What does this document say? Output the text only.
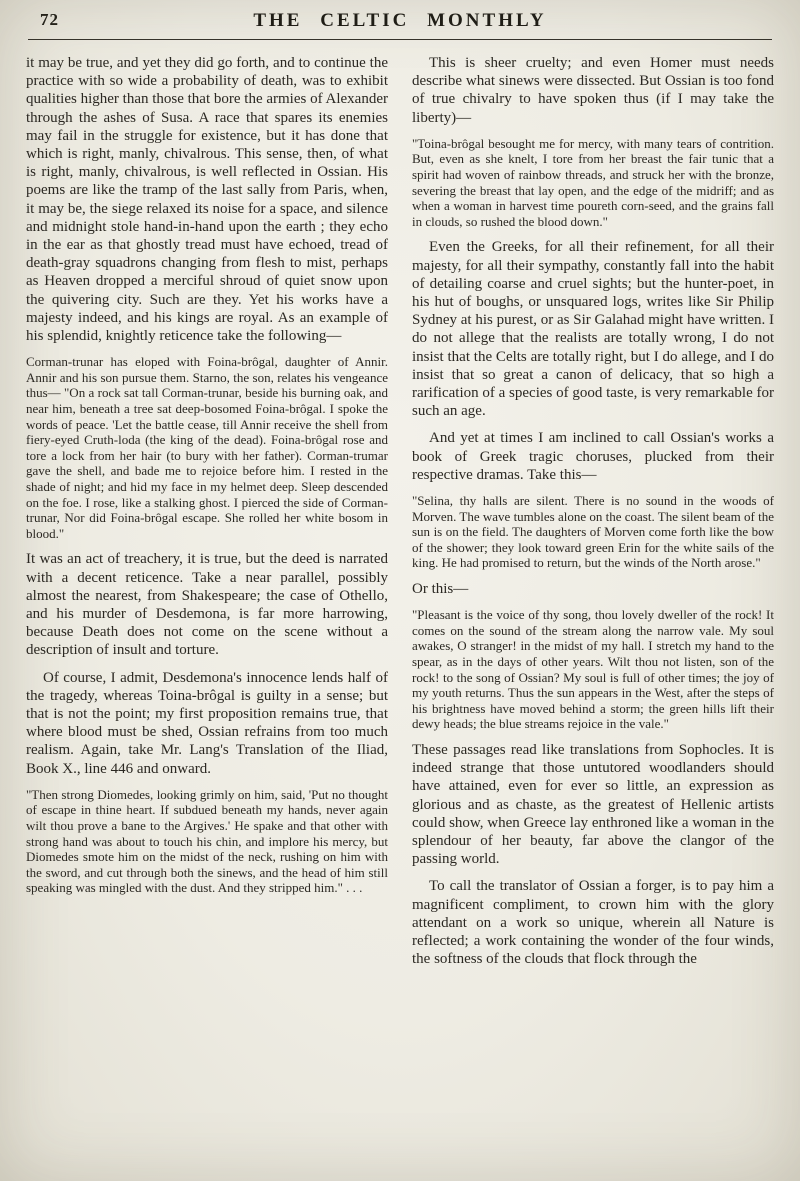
72	THE CELTIC MONTHLY

it may be true, and yet they did go forth, and to continue the practice with so wide a probability of death, was to exhibit qualities higher than those that bore the armies of Alexander through the ashes of Susa. A race that spares its enemies may fail in the struggle for existence, but it has done that which is right, manly, chivalrous. This sense, then, of what is right, manly, chivalrous, is well reflected in Ossian. His poems are like the tramp of the last sally from Paris, when, it may be, the siege relaxed its noise for a space, and silence and midnight stole hand-in-hand upon the earth ; they echo in the ear as that ghostly tread must have echoed, tread of death-gray squadrons changing from flesh to mist, perhaps as Heaven dropped a merciful shroud of quiet snow upon the quivering city. Such are they. Yet his works have a majesty indeed, and his kings are royal. As an example of his splendid, knightly reticence take the following—

Corman-trunar has eloped with Foina-brôgal, daughter of Annir. Annir and his son pursue them. Starno, the son, relates his vengeance thus— "On a rock sat tall Corman-trunar, beside his burning oak, and near him, beneath a tree sat deep-bosomed Foina-brôgal. I spoke the words of peace. 'Let the battle cease, till Annir receive the shell from fiery-eyed Cruth-loda (the king of the dead). Foina-brôgal rose and tore a lock from her hair (to bury with her father). Corman-trumar gave the shell, and bade me to rejoice before him. I rested in the shade of night; and hid my face in my helmet deep. Sleep descended on the foe. I rose, like a stalking ghost. I pierced the side of Corman-trunar, Nor did Foina-brôgal escape. She rolled her white bosom in blood."

It was an act of treachery, it is true, but the deed is narrated with a decent reticence. Take a near parallel, possibly almost the nearest, from Shakespeare; the case of Othello, and his murder of Desdemona, is far more harrowing, because Death does not come on the scene without a description of insult and torture.

Of course, I admit, Desdemona's innocence lends half of the tragedy, whereas Toina-brôgal is guilty in a sense; but that is not the point; my first proposition remains true, that where blood must be shed, Ossian refrains from too much realism. Again, take Mr. Lang's Translation of the Iliad, Book X., line 446 and onward.

"Then strong Diomedes, looking grimly on him, said, 'Put no thought of escape in thine heart. If subdued beneath my hands, never again wilt thou prove a bane to the Argives.' He spake and that other with strong hand was about to touch his chin, and implore his mercy, but Diomedes smote him on the midst of the neck, rushing on him with the sword, and cut through both the sinews, and the head of him still speaking was mingled with the dust. And they stripped him." . . .

This is sheer cruelty; and even Homer must needs describe what sinews were dissected. But Ossian is too fond of true chivalry to have spoken thus (if I may take the liberty)—

"Toina-brôgal besought me for mercy, with many tears of contrition. But, even as she knelt, I tore from her breast the fair tunic that a spirit had woven of rainbow threads, and struck her with the bronze, severing the breast that lay open, and the edge of the midriff; and as when a woman in harvest time poureth corn-seed, and the grains fall in clouds, so rushed the blood down."

Even the Greeks, for all their refinement, for all their majesty, for all their sympathy, constantly fall into the habit of detailing coarse and cruel sights; but the hunter-poet, in his hut of boughs, or unsquared logs, writes like Sir Philip Sydney at his purest, or as Sir Galahad might have written. I do not allege that the realists are totally wrong, I do not insist that the Celts are totally right, but I do allege, and I do insist that so great a canon of delicacy, that so high a rarification of a species of good taste, is very remarkable for such an age.

And yet at times I am inclined to call Ossian's works a book of Greek tragic choruses, plucked from their respective dramas. Take this—

"Selina, thy halls are silent. There is no sound in the woods of Morven. The wave tumbles alone on the coast. The silent beam of the sun is on the field. The daughters of Morven come forth like the bow of the shower; they look toward green Erin for the white sails of the king. He had promised to return, but the winds of the North arose."

Or this—

"Pleasant is the voice of thy song, thou lovely dweller of the rock! It comes on the sound of the stream along the narrow vale. My soul awakes, O stranger! in the midst of my hall. I stretch my hand to the spear, as in the days of other years. Wilt thou not listen, son of the rock! to the song of Ossian? My soul is full of other times; the joy of my youth returns. Thus the sun appears in the West, after the steps of his brightness have moved behind a storm; the green hills lift their dewy heads; the blue streams rejoice in the vale."

These passages read like translations from Sophocles. It is indeed strange that those untutored woodlanders should have attained, even for ever so little, an expression as glorious and as chaste, as the greatest of Hellenic artists could show, when Greece lay enthroned like a woman in the splendour of her beauty, far above the clangor of the passing world.

To call the translator of Ossian a forger, is to pay him a magnificent compliment, to crown him with the glory attendant on a work so unique, wherein all Nature is reflected; a work containing the wonder of the four winds, the softness of the clouds that flock through the
